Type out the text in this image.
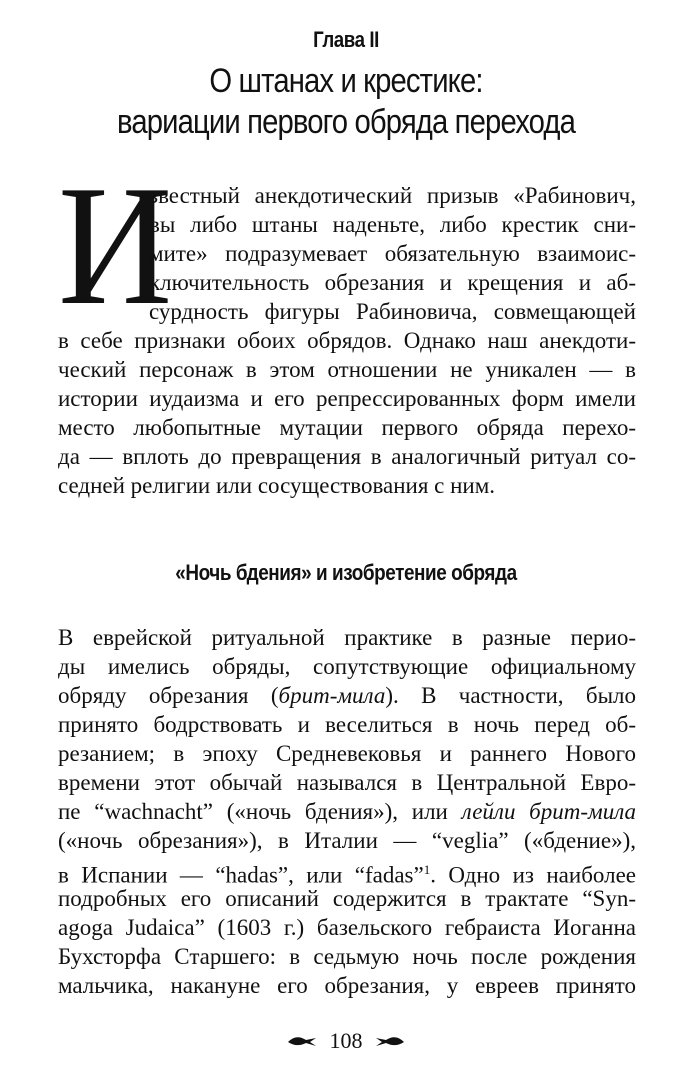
Глава II
О штанах и крестике:
вариации первого обряда перехода
И
звестный анекдотический призыв «Рабинович,
вы либо штаны наденьте, либо крестик сни-
мите» подразумевает обязательную взаимоис-
ключительность обрезания и крещения и аб-
сурдность фигуры Рабиновича, совмещающей
в себе признаки обоих обрядов. Однако наш анекдоти-
ческий персонаж в этом отношении не уникален — в
истории иудаизма и его репрессированных форм имели
место любопытные мутации первого обряда перехо-
да — вплоть до превращения в аналогичный ритуал со-
седней религии или сосуществования с ним.
«Ночь бдения» и изобретение обряда
В еврейской ритуальной практике в разные перио-
ды имелись обряды, сопутствующие официальному
обряду обрезания (брит-мила). В частности, было
принято бодрствовать и веселиться в ночь перед об-
резанием; в эпоху Средневековья и раннего Нового
времени этот обычай назывался в Центральной Евро-
пе “wachnacht” («ночь бдения»), или лейли брит-мила
(«ночь обрезания»), в Италии — “veglia” («бдение»),
в Испании — “hadas”, или “fadas”$^1$. Одно из наиболее
подробных его описаний содержится в трактате “Syn-
agoga Judaica” (1603 г.) базельского гебраиста Иоганна
Бухсторфа Старшего: в седьмую ночь после рождения
мальчика, накануне его обрезания, у евреев принято
108
